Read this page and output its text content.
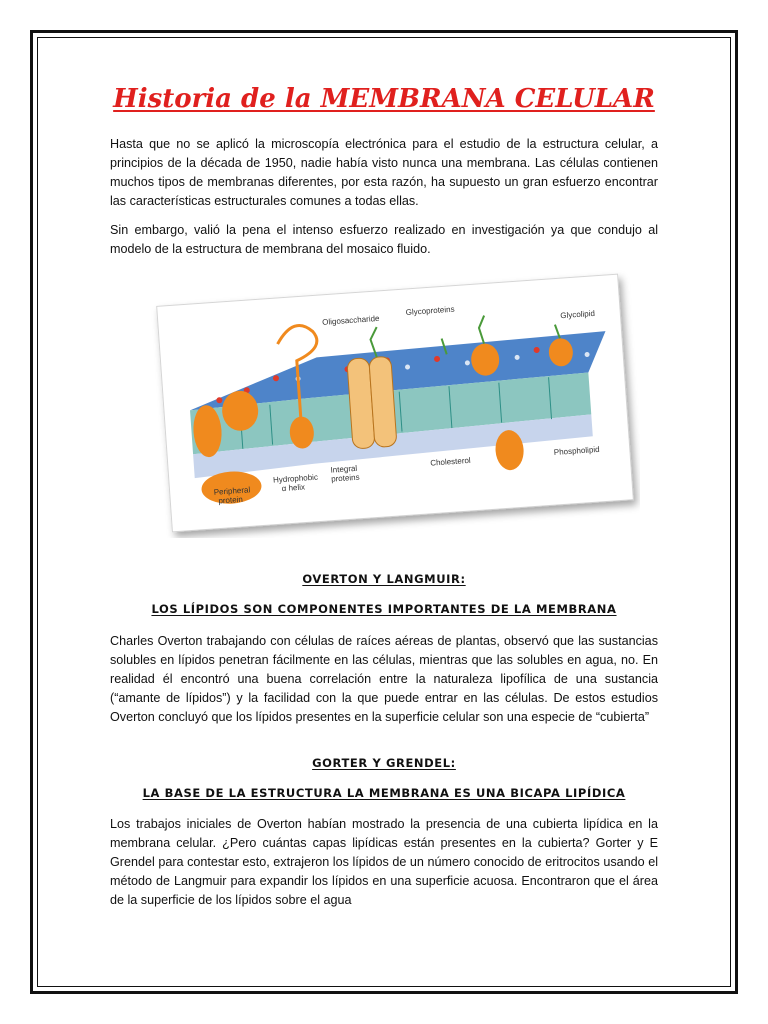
Historia de la MEMBRANA CELULAR

Hasta que no se aplicó la microscopía electrónica para el estudio de la estructura celular, a principios de la década de 1950, nadie había visto nunca una membrana. Las células contienen muchos tipos de membranas diferentes, por esta razón, ha supuesto un gran esfuerzo encontrar las características estructurales comunes a todas ellas.

Sin embargo, valió la pena el intenso esfuerzo realizado en investigación ya que condujo al modelo de la estructura de membrana del mosaico fluido.

Oligosaccharide
Glycoproteins	Glycolipid
Hydrophobic
α helix
Integral
proteins
Cholesterol
Phospholipid
Peripheral
protein
OVERTON Y LANGMUIR:
LOS LÍPIDOS SON COMPONENTES IMPORTANTES DE LA MEMBRANA

Charles Overton trabajando con células de raíces aéreas de plantas, observó que las sustancias solubles en lípidos penetran fácilmente en las células, mientras que las solubles en agua, no. En realidad él encontró una buena correlación entre la naturaleza lipofílica de una sustancia (“amante de lípidos”) y la facilidad con la que puede entrar en las células. De estos estudios Overton concluyó que los lípidos presentes en la superficie celular son una especie de “cubierta”

GORTER Y GRENDEL:
LA BASE DE LA ESTRUCTURA LA MEMBRANA ES UNA BICAPA LIPÍDICA

Los trabajos iniciales de Overton habían mostrado la presencia de una cubierta lipídica en la membrana celular. ¿Pero cuántas capas lipídicas están presentes en la cubierta? Gorter y E Grendel para contestar esto, extrajeron los lípidos de un número conocido de eritrocitos usando el método de Langmuir para expandir los lípidos en una superficie acuosa. Encontraron que el área de la superficie de los lípidos sobre el agua
